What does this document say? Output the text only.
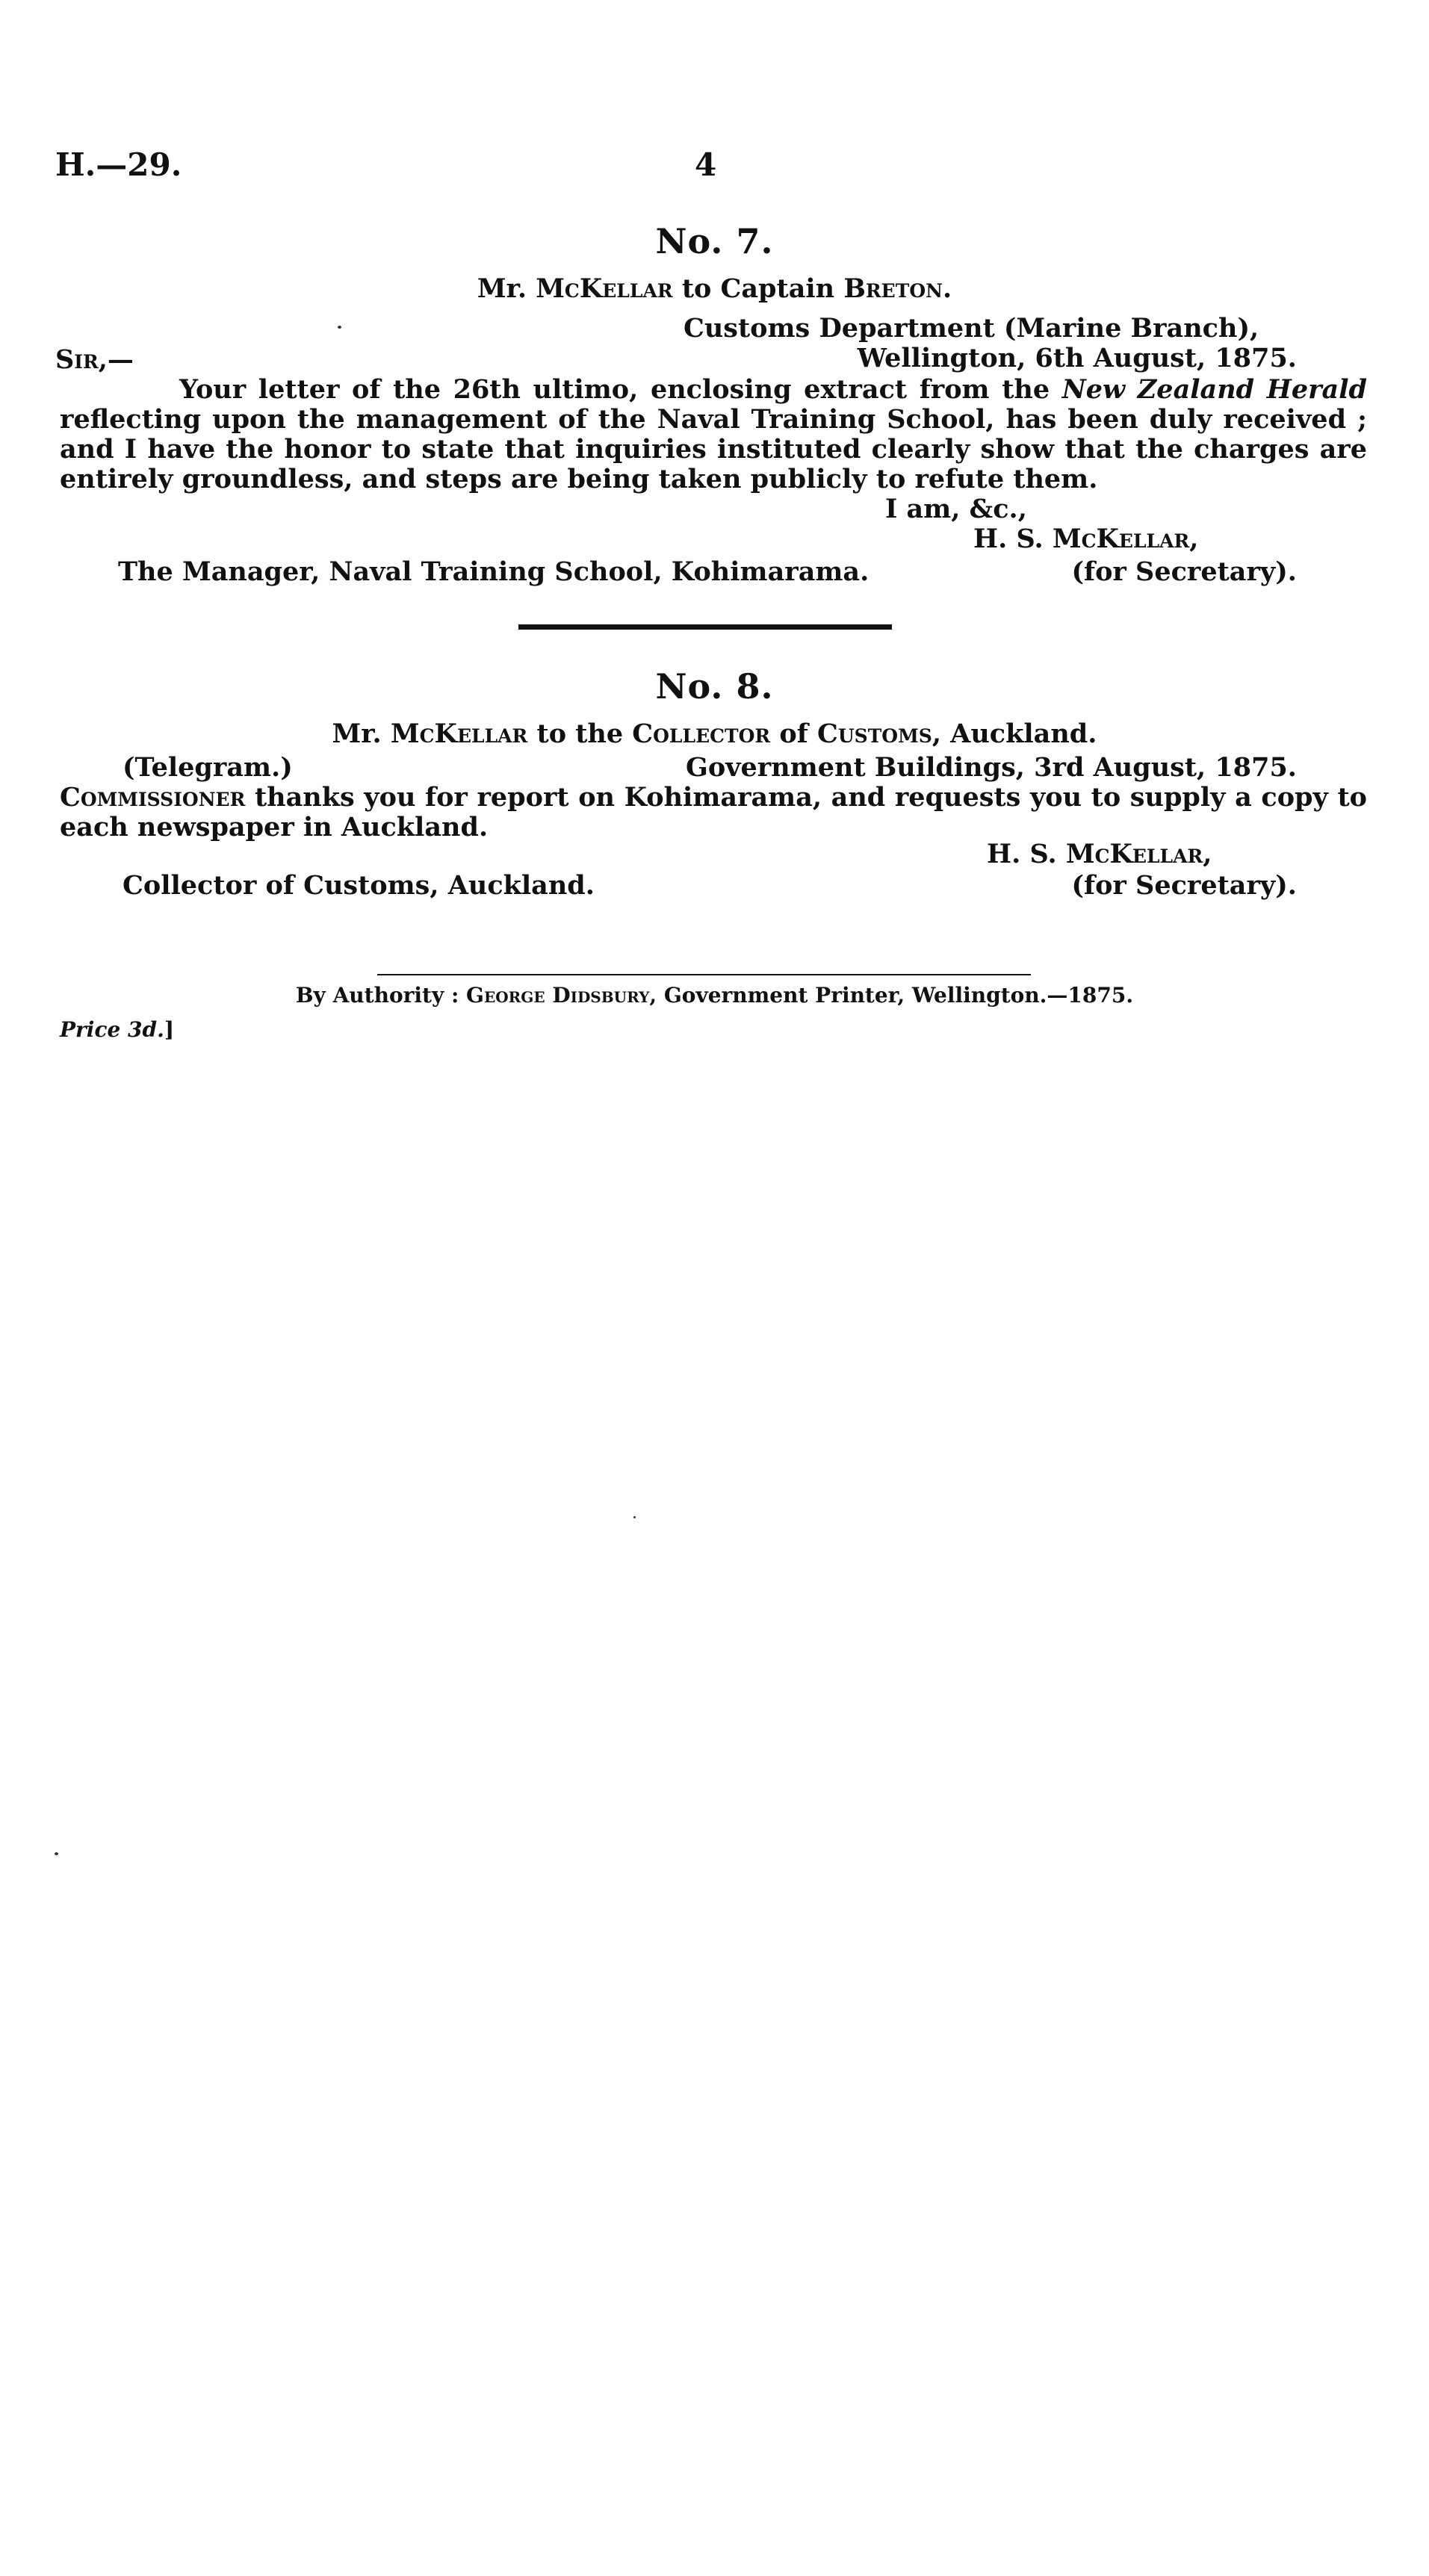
H.—29.	4
No. 7.
Mr. McKellar to Captain Breton.
Customs Department (Marine Branch),
Wellington, 6th August, 1875.
Sir,—
Your letter of the 26th ultimo, enclosing extract from the New Zealand Herald reflecting upon the management of the Naval Training School, has been duly received ; and I have the honor to state that inquiries instituted clearly show that the charges are entirely groundless, and steps are being taken publicly to refute them.
I am, &c.,
H. S. McKellar,
The Manager, Naval Training School, Kohimarama.	(for Secretary).
No. 8.
Mr. McKellar to the Collector of Customs, Auckland.
(Telegram.)	Government Buildings, 3rd August, 1875.
Commissioner thanks you for report on Kohimarama, and requests you to supply a copy to each newspaper in Auckland.
H. S. McKellar,
Collector of Customs, Auckland.	(for Secretary).
By Authority : George Didsbury, Government Printer, Wellington.—1875.
Price 3d.]
